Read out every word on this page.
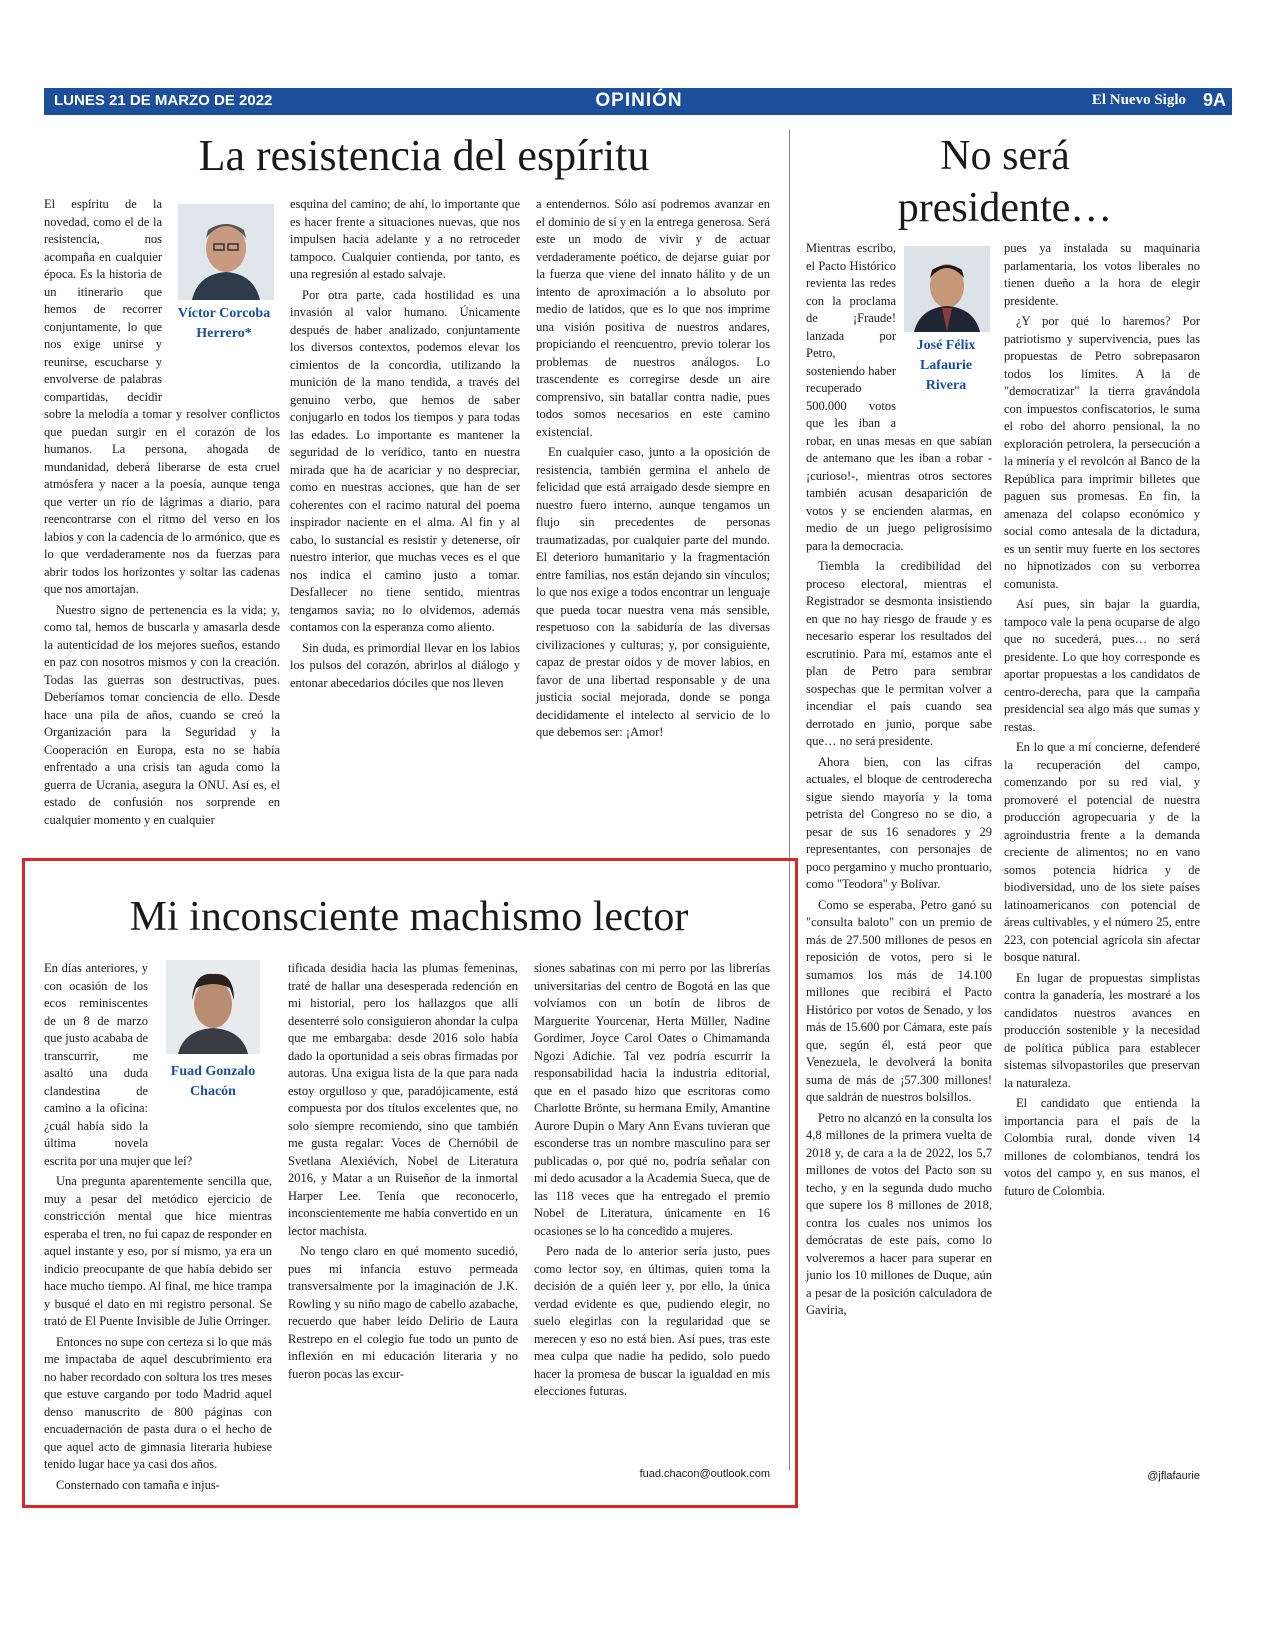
LUNES 21 DE MARZO DE 2022	OPINIÓN	El Nuevo Siglo 9A
La resistencia del espíritu
Víctor Corcoba
Herrero*

El espíritu de la novedad, como el de la resistencia, nos acompaña en cualquier época. Es la historia de un itinerario que hemos de recorrer conjuntamente, lo que nos exige unirse y reunirse, escucharse y envolverse de palabras compartidas, decidir sobre la melodía a tomar y resolver conflictos que puedan surgir en el corazón de los humanos. La persona, ahogada de mundanidad, deberá liberarse de esta cruel atmósfera y nacer a la poesía, aunque tenga que verter un río de lágrimas a diario, para reencontrarse con el ritmo del verso en los labios y con la cadencia de lo armónico, que es lo que verdaderamente nos da fuerzas para abrir todos los horizontes y soltar las cadenas que nos amortajan.

Nuestro signo de pertenencia es la vida; y, como tal, hemos de buscarla y amasarla desde la autenticidad de los mejores sueños, estando en paz con nosotros mismos y con la creación. Todas las guerras son destructivas, pues. Deberíamos tomar conciencia de ello. Desde hace una pila de años, cuando se creó la Organización para la Seguridad y la Cooperación en Europa, esta no se había enfrentado a una crisis tan aguda como la guerra de Ucrania, asegura la ONU. Así es, el estado de confusión nos sorprende en cualquier momento y en cualquier

esquina del camino; de ahí, lo importante que es hacer frente a situaciones nuevas, que nos impulsen hacia adelante y a no retroceder tampoco. Cualquier contienda, por tanto, es una regresión al estado salvaje.

Por otra parte, cada hostilidad es una invasión al valor humano. Únicamente después de haber analizado, conjuntamente los diversos contextos, podemos elevar los cimientos de la concordia, utilizando la munición de la mano tendida, a través del genuino verbo, que hemos de saber conjugarlo en todos los tiempos y para todas las edades. Lo importante es mantener la seguridad de lo verídico, tanto en nuestra mirada que ha de acariciar y no despreciar, como en nuestras acciones, que han de ser coherentes con el racimo natural del poema inspirador naciente en el alma. Al fin y al cabo, lo sustancial es resistir y detenerse, oír nuestro interior, que muchas veces es el que nos indica el camino justo a tomar. Desfallecer no tiene sentido, mientras tengamos savia; no lo olvidemos, además contamos con la esperanza como aliento.

Sin duda, es primordial llevar en los labios los pulsos del corazón, abrirlos al diálogo y entonar abecedarios dóciles que nos lleven

a entendernos. Sólo así podremos avanzar en el dominio de sí y en la entrega generosa. Será este un modo de vivir y de actuar verdaderamente poético, de dejarse guiar por la fuerza que viene del innato hálito y de un intento de aproximación a lo absoluto por medio de latidos, que es lo que nos imprime una visión positiva de nuestros andares, propiciando el reencuentro, previo tolerar los problemas de nuestros análogos. Lo trascendente es corregirse desde un aire comprensivo, sin batallar contra nadie, pues todos somos necesarios en este camino existencial.

En cualquier caso, junto a la oposición de resistencia, también germina el anhelo de felicidad que está arraigado desde siempre en nuestro fuero interno, aunque tengamos un flujo sin precedentes de personas traumatizadas, por cualquier parte del mundo. El deterioro humanitario y la fragmentación entre familias, nos están dejando sin vínculos; lo que nos exige a todos encontrar un lenguaje que pueda tocar nuestra vena más sensible, respetuoso con la sabiduría de las diversas civilizaciones y culturas; y, por consiguiente, capaz de prestar oídos y de mover labios, en favor de una libertad responsable y de una justicia social mejorada, donde se ponga decididamente el intelecto al servicio de lo que debemos ser: ¡Amor!

Mi inconsciente machismo lector
Fuad Gonzalo
Chacón

En días anteriores, y con ocasión de los ecos reminiscentes de un 8 de marzo que justo acababa de transcurrir, me asaltó una duda clandestina de camino a la oficina: ¿cuál había sido la última novela escrita por una mujer que leí?

Una pregunta aparentemente sencilla que, muy a pesar del metódico ejercicio de constricción mental que hice mientras esperaba el tren, no fui capaz de responder en aquel instante y eso, por sí mismo, ya era un indicio preocupante de que había debido ser hace mucho tiempo. Al final, me hice trampa y busqué el dato en mi registro personal. Se trató de El Puente Invisible de Julie Orringer.

Entonces no supe con certeza si lo que más me impactaba de aquel descubrimiento era no haber recordado con soltura los tres meses que estuve cargando por todo Madrid aquel denso manuscrito de 800 páginas con encuadernación de pasta dura o el hecho de que aquel acto de gimnasia literaria hubiese tenido lugar hace ya casi dos años.

Consternado con tamaña e injus-

tificada desidia hacia las plumas femeninas, traté de hallar una desesperada redención en mi historial, pero los hallazgos que allí desenterré solo consiguieron ahondar la culpa que me embargaba: desde 2016 solo había dado la oportunidad a seis obras firmadas por autoras. Una exigua lista de la que para nada estoy orgulloso y que, paradójicamente, está compuesta por dos títulos excelentes que, no solo siempre recomiendo, sino que también me gusta regalar: Voces de Chernóbil de Svetlana Alexiévich, Nobel de Literatura 2016, y Matar a un Ruiseñor de la inmortal Harper Lee. Tenía que reconocerlo, inconscientemente me había convertido en un lector machista.

No tengo claro en qué momento sucedió, pues mi infancia estuvo permeada transversalmente por la imaginación de J.K. Rowling y su niño mago de cabello azabache, recuerdo que haber leído Delirio de Laura Restrepo en el colegio fue todo un punto de inflexión en mi educación literaria y no fueron pocas las excur-

siones sabatinas con mi perro por las librerías universitarias del centro de Bogotá en las que volvíamos con un botín de libros de Marguerite Yourcenar, Herta Müller, Nadine Gordimer, Joyce Carol Oates o Chimamanda Ngozi Adichie. Tal vez podría escurrir la responsabilidad hacia la industria editorial, que en el pasado hizo que escritoras como Charlotte Brönte, su hermana Emily, Amantine Aurore Dupin o Mary Ann Evans tuvieran que esconderse tras un nombre masculino para ser publicadas o, por qué no, podría señalar con mi dedo acusador a la Academia Sueca, que de las 118 veces que ha entregado el premio Nobel de Literatura, únicamente en 16 ocasiones se lo ha concedido a mujeres.

Pero nada de lo anterior sería justo, pues como lector soy, en últimas, quien toma la decisión de a quién leer y, por ello, la única verdad evidente es que, pudiendo elegir, no suelo elegirlas con la regularidad que se merecen y eso no está bien. Así pues, tras este mea culpa que nadie ha pedido, solo puedo hacer la promesa de buscar la igualdad en mis elecciones futuras.

fuad.chacon@outlook.com
No será
presidente…
José Félix
Lafaurie
Rivera

Mientras escribo, el Pacto Histórico revienta las redes con la proclama de ¡Fraude! lanzada por Petro, sosteniendo haber recuperado 500.000 votos que les iban a robar, en unas mesas en que sabían de antemano que les iban a robar -¡curioso!-, mientras otros sectores también acusan desaparición de votos y se encienden alarmas, en medio de un juego peligrosísimo para la democracia.

Tiembla la credibilidad del proceso electoral, mientras el Registrador se desmonta insistiendo en que no hay riesgo de fraude y es necesario esperar los resultados del escrutinio. Para mí, estamos ante el plan de Petro para sembrar sospechas que le permitan volver a incendiar el país cuando sea derrotado en junio, porque sabe que… no será presidente.

Ahora bien, con las cifras actuales, el bloque de centroderecha sigue siendo mayoría y la toma petrista del Congreso no se dio, a pesar de sus 16 senadores y 29 representantes, con personajes de poco pergamino y mucho prontuario, como "Teodora" y Bolívar.

Como se esperaba, Petro ganó su "consulta baloto" con un premio de más de 27.500 millones de pesos en reposición de votos, pero si le sumamos los más de 14.100 millones que recibirá el Pacto Histórico por votos de Senado, y los más de 15.600 por Cámara, este país que, según él, está peor que Venezuela, le devolverá la bonita suma de más de ¡57.300 millones! que saldrán de nuestros bolsillos.

Petro no alcanzó en la consulta los 4,8 millones de la primera vuelta de 2018 y, de cara a la de 2022, los 5,7 millones de votos del Pacto son su techo, y en la segunda dudo mucho que supere los 8 millones de 2018, contra los cuales nos unimos los demócratas de este país, como lo volveremos a hacer para superar en junio los 10 millones de Duque, aún a pesar de la posición calculadora de Gaviria,

pues ya instalada su maquinaria parlamentaria, los votos liberales no tienen dueño a la hora de elegir presidente.

¿Y por qué lo haremos? Por patriotismo y supervivencia, pues las propuestas de Petro sobrepasaron todos los límites. A la de "democratizar" la tierra gravándola con impuestos confiscatorios, le suma el robo del ahorro pensional, la no exploración petrolera, la persecución a la minería y el revolcón al Banco de la República para imprimir billetes que paguen sus promesas. En fin, la amenaza del colapso económico y social como antesala de la dictadura, es un sentir muy fuerte en los sectores no hipnotizados con su verborrea comunista.

Así pues, sin bajar la guardia, tampoco vale la pena ocuparse de algo que no sucederá, pues… no será presidente. Lo que hoy corresponde es aportar propuestas a los candidatos de centro-derecha, para que la campaña presidencial sea algo más que sumas y restas.

En lo que a mí concierne, defenderé la recuperación del campo, comenzando por su red vial, y promoveré el potencial de nuestra producción agropecuaria y de la agroindustria frente a la demanda creciente de alimentos; no en vano somos potencia hídrica y de biodiversidad, uno de los siete países latinoamericanos con potencial de áreas cultivables, y el número 25, entre 223, con potencial agrícola sin afectar bosque natural.

En lugar de propuestas simplistas contra la ganadería, les mostraré a los candidatos nuestros avances en producción sostenible y la necesidad de política pública para establecer sistemas silvopastoriles que preservan la naturaleza.

El candidato que entienda la importancia para el país de la Colombia rural, donde viven 14 millones de colombianos, tendrá los votos del campo y, en sus manos, el futuro de Colombia.

@jflafaurie
